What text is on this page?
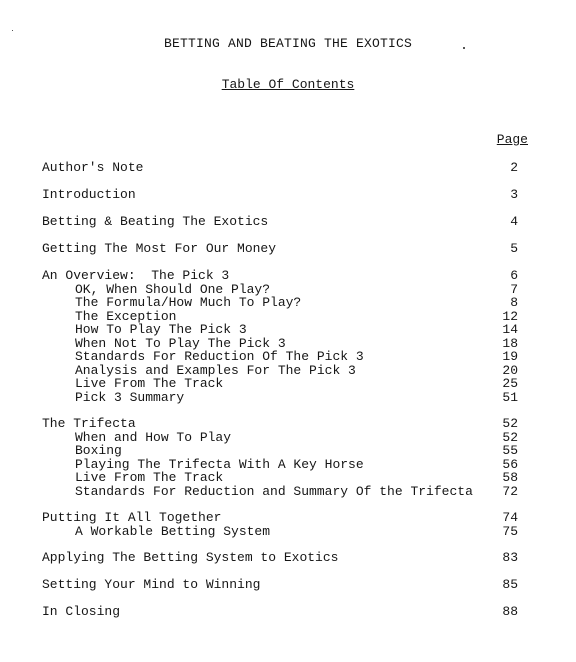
BETTING AND BEATING THE EXOTICS
Table Of Contents
Page
Author's Note	2
Introduction	3
Betting & Beating The Exotics	4
Getting The Most For Our Money	5
An Overview:  The Pick 3	6
OK, When Should One Play?	7
The Formula/How Much To Play?	8
The Exception	12
How To Play The Pick 3	14
When Not To Play The Pick 3	18
Standards For Reduction Of The Pick 3	19
Analysis and Examples For The Pick 3	20
Live From The Track	25
Pick 3 Summary	51
The Trifecta	52
When and How To Play	52
Boxing	55
Playing The Trifecta With A Key Horse	56
Live From The Track	58
Standards For Reduction and Summary Of the Trifecta 72
Putting It All Together	74
A Workable Betting System	75
Applying The Betting System to Exotics	83
Setting Your Mind to Winning	85
In Closing	88
